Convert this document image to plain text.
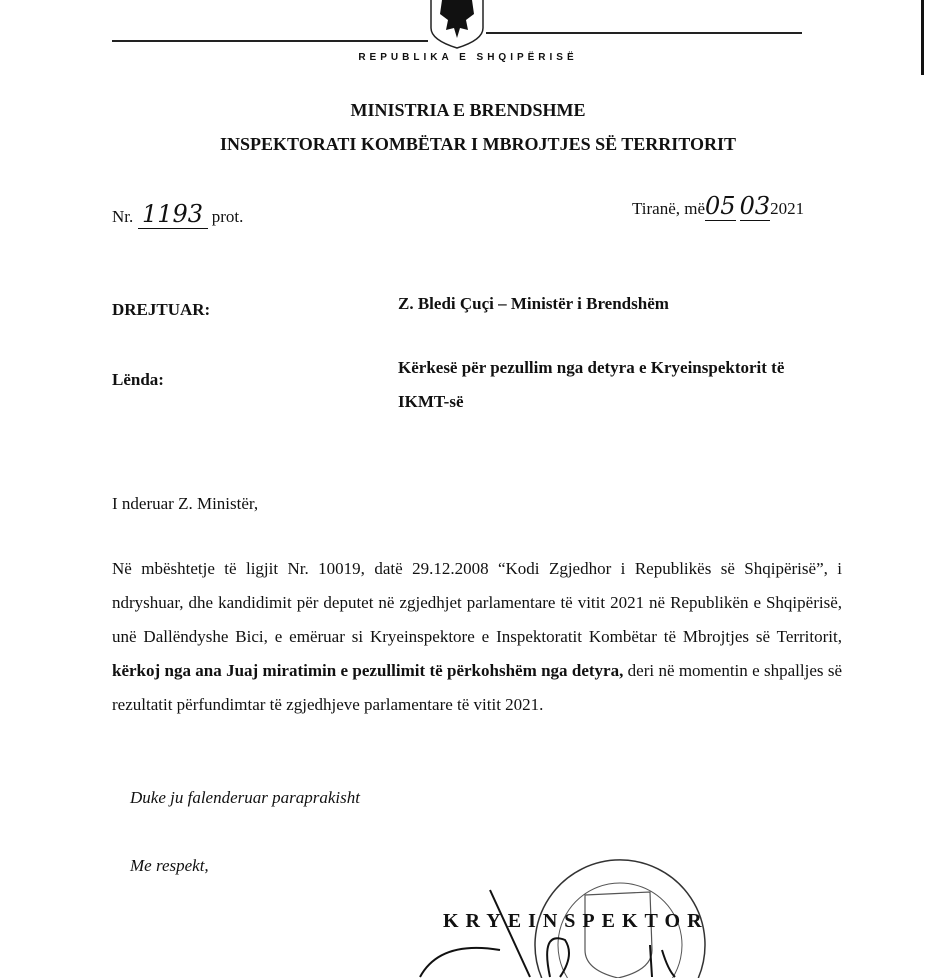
REPUBLIKA E SHQIPËRISË
MINISTRIA E BRENDSHME
INSPEKTORATI KOMBËTAR I MBROJTJES SË TERRITORIT
Nr. 1193 prot.	Tiranë, më05 032021
DREJTUAR:	Z. Bledi Çuçi – Ministër i Brendshëm
Lënda:
Kërkesë për pezullim nga detyra e Kryeinspektorit të
IKMT-së
I nderuar Z. Ministër,
Në mbështetje të ligjit Nr. 10019, datë 29.12.2008 “Kodi Zgjedhor i Republikës së Shqipërisë”, i ndryshuar, dhe kandidimit për deputet në zgjedhjet parlamentare të vitit 2021 në Republikën e Shqipërisë, unë Dallëndyshe Bici, e emëruar si Kryeinspektore e Inspektoratit Kombëtar të Mbrojtjes së Territorit, kërkoj nga ana Juaj miratimin e pezullimit të përkohshëm nga detyra, deri në momentin e shpalljes së rezultatit përfundimtar të zgjedhjeve parlamentare të vitit 2021.
Duke ju falenderuar paraprakisht
Me respekt,
KRYEINSPEKTOR
